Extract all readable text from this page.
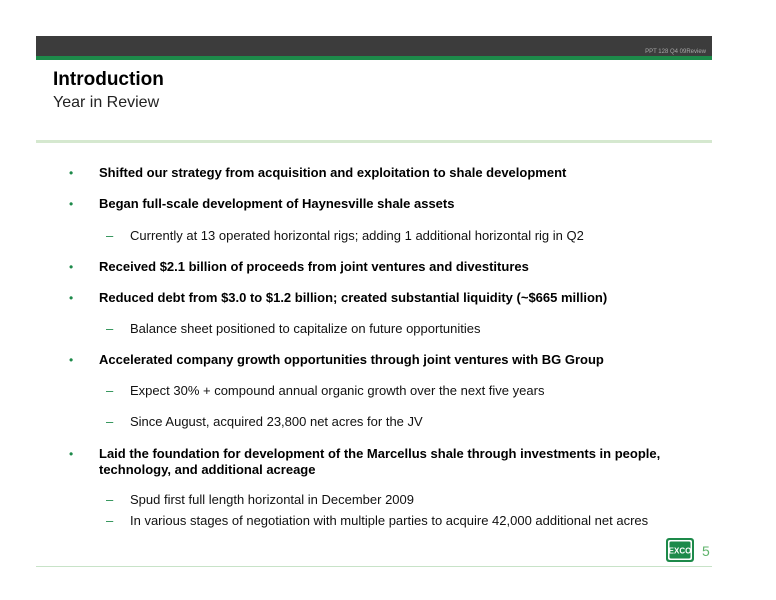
PPT 128 Q4 09Review
Introduction
Year in Review
• Shifted our strategy from acquisition and exploitation to shale development
• Began full-scale development of Haynesville shale assets
– Currently at 13 operated horizontal rigs; adding 1 additional horizontal rig in Q2
• Received $2.1 billion of proceeds from joint ventures and divestitures
• Reduced debt from $3.0 to $1.2 billion; created substantial liquidity (~$665 million)
– Balance sheet positioned to capitalize on future opportunities
• Accelerated company growth opportunities through joint ventures with BG Group
– Expect 30% + compound annual organic growth over the next five years
– Since August, acquired 23,800 net acres for the JV
• Laid the foundation for development of the Marcellus shale through investments in people, technology, and additional acreage
– Spud first full length horizontal in December 2009
– In various stages of negotiation with multiple parties to acquire 42,000 additional net acres
EXCO 5
